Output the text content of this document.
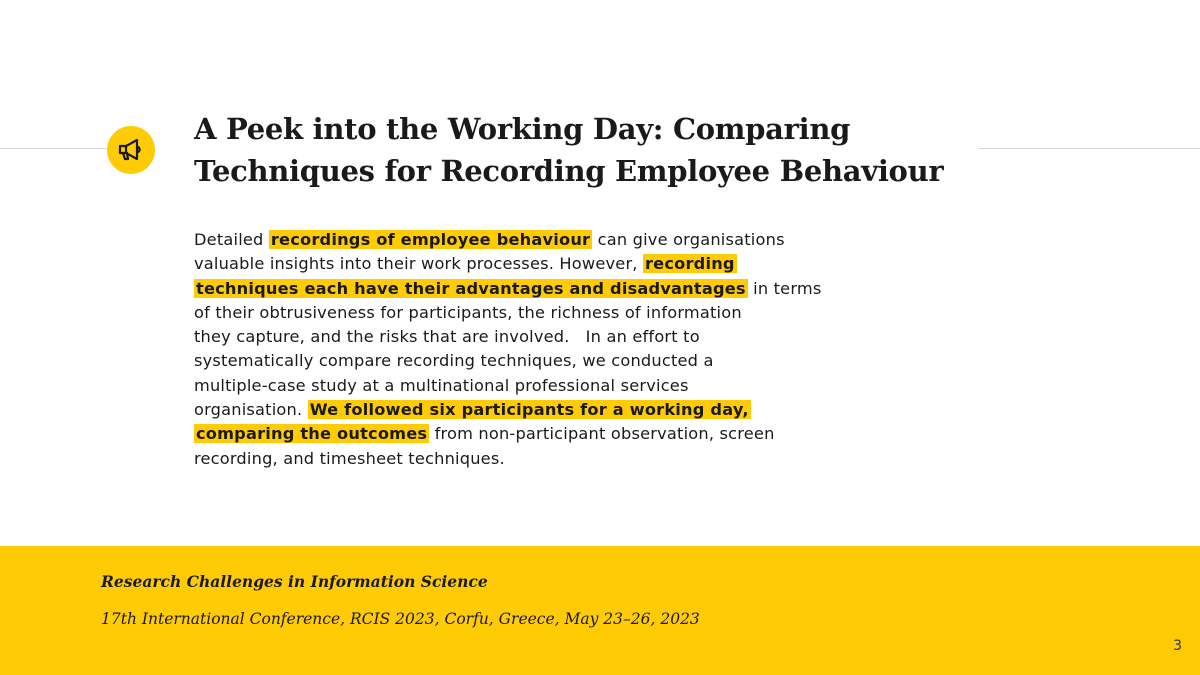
A Peek into the Working Day: Comparing
Techniques for Recording Employee Behaviour

Detailed recordings of employee behaviour can give organisations
valuable insights into their work processes. However, recording
techniques each have their advantages and disadvantages in terms
of their obtrusiveness for participants, the richness of information
they capture, and the risks that are involved.   In an effort to
systematically compare recording techniques, we conducted a
multiple-case study at a multinational professional services
organisation. We followed six participants for a working day,
comparing the outcomes from non-participant observation, screen
recording, and timesheet techniques.

Research Challenges in Information Science

17th International Conference, RCIS 2023, Corfu, Greece, May 23–26, 2023

3
